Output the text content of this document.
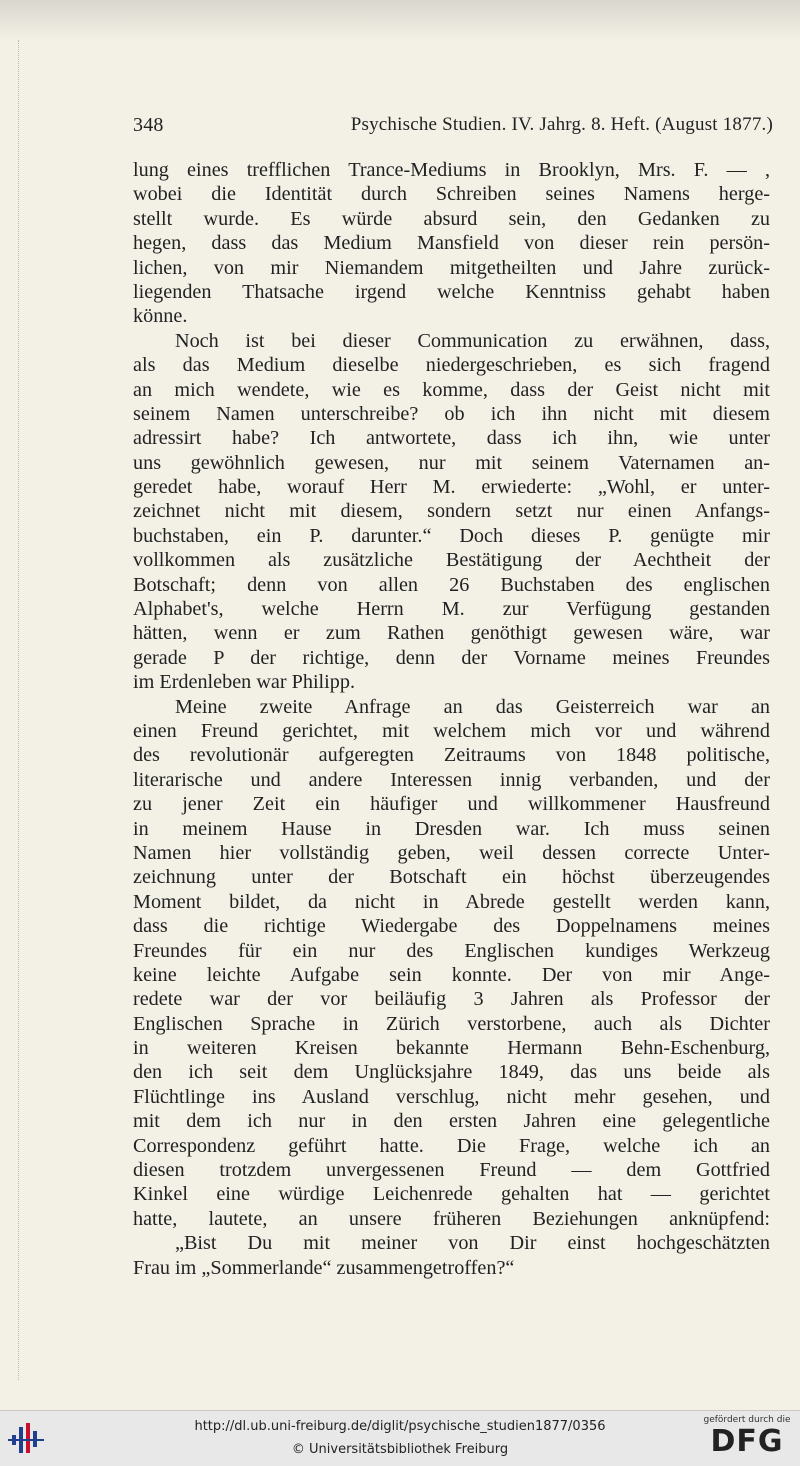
348	Psychische Studien. IV. Jahrg. 8. Heft. (August 1877.)
lung eines trefflichen Trance-Mediums in Brooklyn, Mrs. F. — ,
wobei die Identität durch Schreiben seines Namens herge-
stellt wurde. Es würde absurd sein, den Gedanken zu
hegen, dass das Medium Mansfield von dieser rein persön-
lichen, von mir Niemandem mitgetheilten und Jahre zurück-
liegenden Thatsache irgend welche Kenntniss gehabt haben
könne.
Noch ist bei dieser Communication zu erwähnen, dass,
als das Medium dieselbe niedergeschrieben, es sich fragend
an mich wendete, wie es komme, dass der Geist nicht mit
seinem Namen unterschreibe? ob ich ihn nicht mit diesem
adressirt habe? Ich antwortete, dass ich ihn, wie unter
uns gewöhnlich gewesen, nur mit seinem Vaternamen an-
geredet habe, worauf Herr M. erwiederte: „Wohl, er unter-
zeichnet nicht mit diesem, sondern setzt nur einen Anfangs-
buchstaben, ein P. darunter.“ Doch dieses P. genügte mir
vollkommen als zusätzliche Bestätigung der Aechtheit der
Botschaft; denn von allen 26 Buchstaben des englischen
Alphabet's, welche Herrn M. zur Verfügung gestanden
hätten, wenn er zum Rathen genöthigt gewesen wäre, war
gerade P der richtige, denn der Vorname meines Freundes
im Erdenleben war Philipp.
Meine zweite Anfrage an das Geisterreich war an
einen Freund gerichtet, mit welchem mich vor und während
des revolutionär aufgeregten Zeitraums von 1848 politische,
literarische und andere Interessen innig verbanden, und der
zu jener Zeit ein häufiger und willkommener Hausfreund
in meinem Hause in Dresden war. Ich muss seinen
Namen hier vollständig geben, weil dessen correcte Unter-
zeichnung unter der Botschaft ein höchst überzeugendes
Moment bildet, da nicht in Abrede gestellt werden kann,
dass die richtige Wiedergabe des Doppelnamens meines
Freundes für ein nur des Englischen kundiges Werkzeug
keine leichte Aufgabe sein konnte. Der von mir Ange-
redete war der vor beiläufig 3 Jahren als Professor der
Englischen Sprache in Zürich verstorbene, auch als Dichter
in weiteren Kreisen bekannte Hermann Behn-Eschenburg,
den ich seit dem Unglücksjahre 1849, das uns beide als
Flüchtlinge ins Ausland verschlug, nicht mehr gesehen, und
mit dem ich nur in den ersten Jahren eine gelegentliche
Correspondenz geführt hatte. Die Frage, welche ich an
diesen trotzdem unvergessenen Freund — dem Gottfried
Kinkel eine würdige Leichenrede gehalten hat — gerichtet
hatte, lautete, an unsere früheren Beziehungen anknüpfend:
„Bist Du mit meiner von Dir einst hochgeschätzten
Frau im „Sommerlande“ zusammengetroffen?“
http://dl.ub.uni-freiburg.de/diglit/psychische_studien1877/0356
© Universitätsbibliothek Freiburg
gefördert durch die
DFG
